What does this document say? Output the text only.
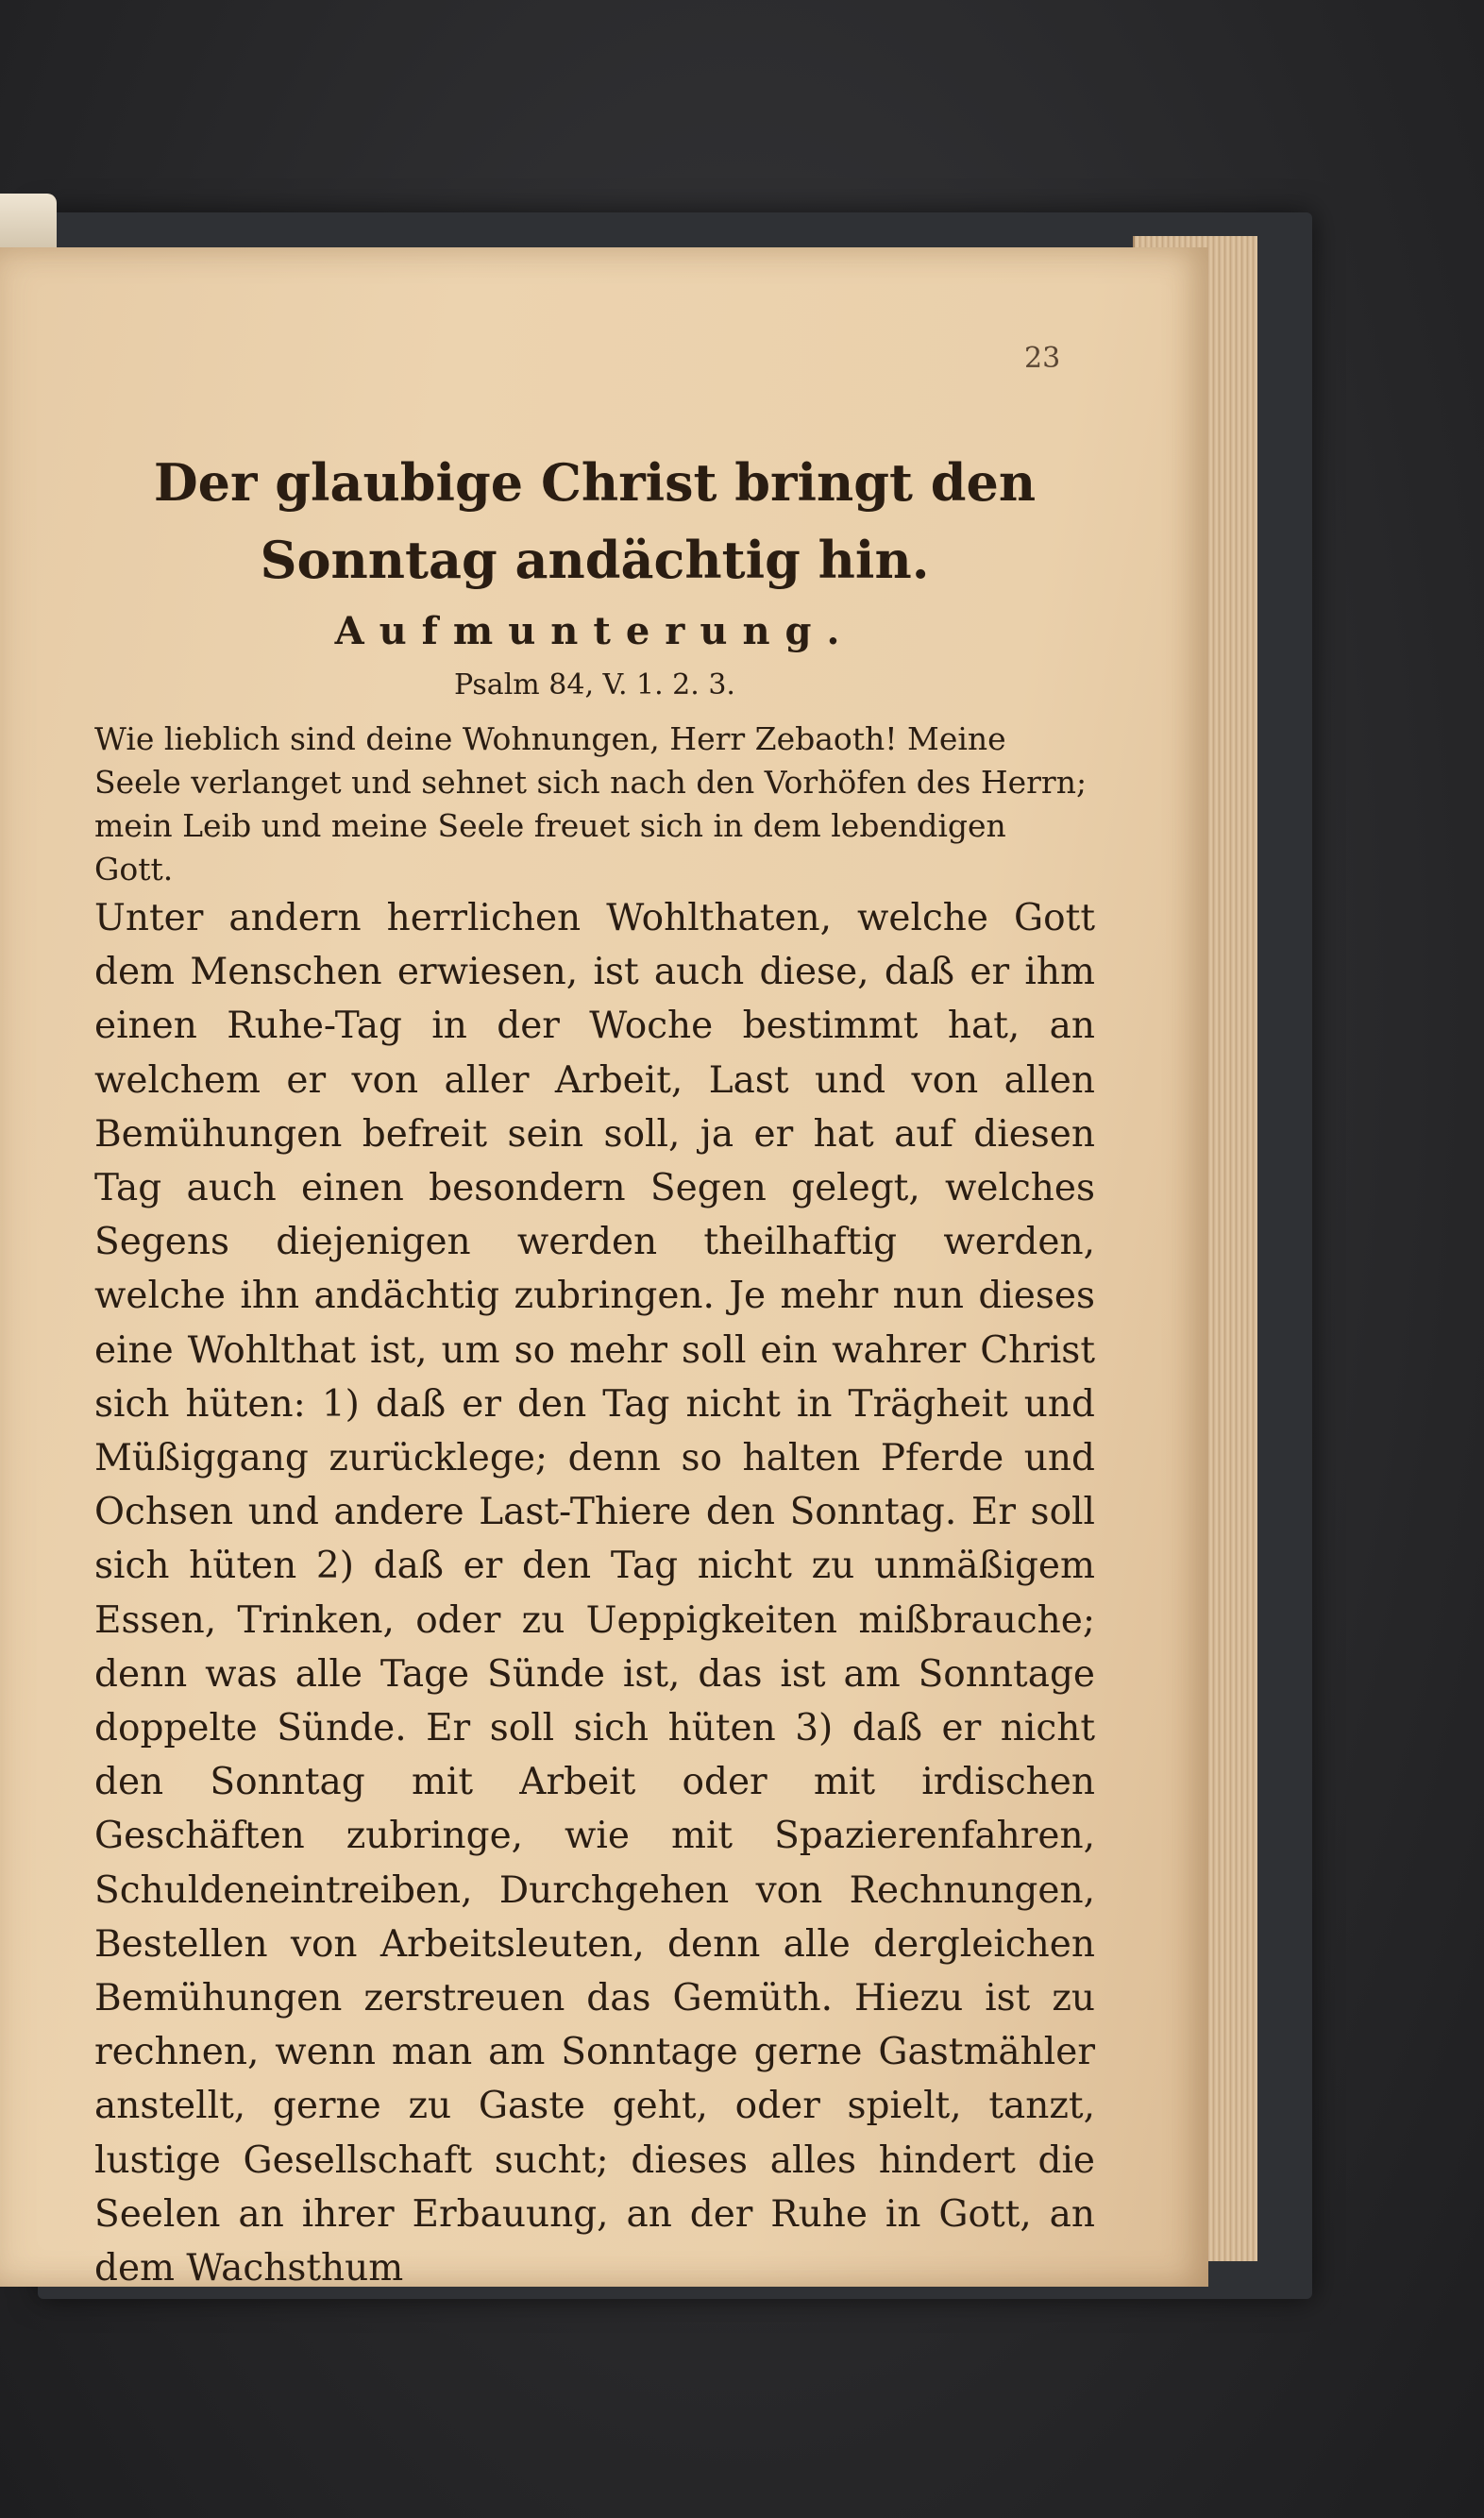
23
Der glaubige Christ bringt den Sonntag andächtig hin.
Aufmunterung.
Psalm 84, V. 1. 2. 3.
Wie lieblich sind deine Wohnungen, Herr Zebaoth! Meine Seele verlanget und sehnet sich nach den Vorhöfen des Herrn; mein Leib und meine Seele freuet sich in dem lebendigen Gott.
Unter andern herrlichen Wohlthaten, welche Gott dem Menschen erwiesen, ist auch diese, daß er ihm einen Ruhe-Tag in der Woche bestimmt hat, an welchem er von aller Arbeit, Last und von allen Bemühungen befreit sein soll, ja er hat auf diesen Tag auch einen besondern Segen gelegt, welches Segens diejenigen werden theilhaftig werden, welche ihn andächtig zubringen. Je mehr nun dieses eine Wohlthat ist, um so mehr soll ein wahrer Christ sich hüten: 1) daß er den Tag nicht in Trägheit und Müßiggang zurücklege; denn so halten Pferde und Ochsen und andere Last-Thiere den Sonntag. Er soll sich hüten 2) daß er den Tag nicht zu unmäßigem Essen, Trinken, oder zu Ueppigkeiten mißbrauche; denn was alle Tage Sünde ist, das ist am Sonntage doppelte Sünde. Er soll sich hüten 3) daß er nicht den Sonntag mit Arbeit oder mit irdischen Geschäften zubringe, wie mit Spazierenfahren, Schuldeneintreiben, Durchgehen von Rechnungen, Bestellen von Arbeitsleuten, denn alle dergleichen Bemühungen zerstreuen das Gemüth. Hiezu ist zu rechnen, wenn man am Sonntage gerne Gastmähler anstellt, gerne zu Gaste geht, oder spielt, tanzt, lustige Gesellschaft sucht; dieses alles hindert die Seelen an ihrer Erbauung, an der Ruhe in Gott, an dem Wachsthum
